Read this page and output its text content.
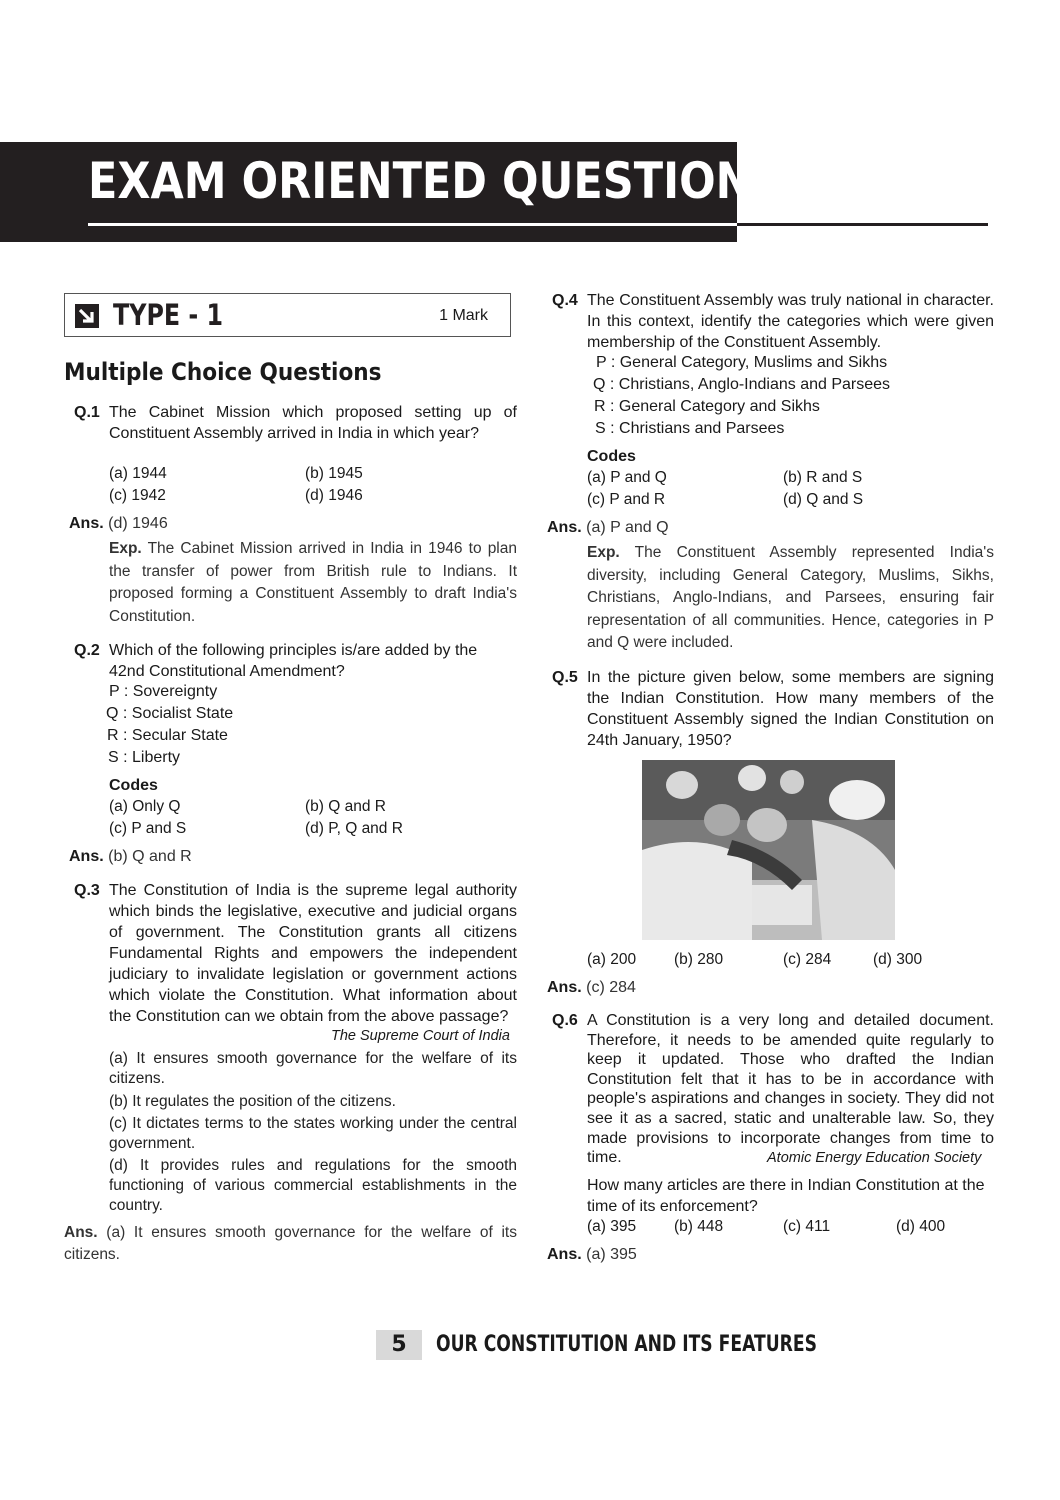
EXAM ORIENTED QUESTIONS
TYPE - 1	1 Mark
Multiple Choice Questions
Q.1 The Cabinet Mission which proposed setting up of Constituent Assembly arrived in India in which year?
(a) 1944	(b) 1945
(c) 1942	(d) 1946
Ans. (d) 1946
Exp. The Cabinet Mission arrived in India in 1946 to plan the transfer of power from British rule to Indians. It proposed forming a Constituent Assembly to draft India's Constitution.
Q.2 Which of the following principles is/are added by the 42nd Constitutional Amendment?
P : Sovereignty
Q : Socialist State
R : Secular State
S : Liberty
Codes
(a) Only Q	(b) Q and R
(c) P and S	(d) P, Q and R
Ans. (b) Q and R
Q.3 The Constitution of India is the supreme legal authority which binds the legislative, executive and judicial organs of government. The Constitution grants all citizens Fundamental Rights and empowers the independent judiciary to invalidate legislation or government actions which violate the Constitution. What information about the Constitution can we obtain from the above passage?
The Supreme Court of India
(a) It ensures smooth governance for the welfare of its citizens.
(b) It regulates the position of the citizens.
(c) It dictates terms to the states working under the central government.
(d) It provides rules and regulations for the smooth functioning of various commercial establishments in the country.
Ans. (a) It ensures smooth governance for the welfare of its citizens.
Q.4 The Constituent Assembly was truly national in character. In this context, identify the categories which were given membership of the Constituent Assembly.
P : General Category, Muslims and Sikhs
Q : Christians, Anglo-Indians and Parsees
R : General Category and Sikhs
S : Christians and Parsees
Codes
(a) P and Q	(b) R and S
(c) P and R	(d) Q and S
Ans. (a) P and Q
Exp. The Constituent Assembly represented India's diversity, including General Category, Muslims, Sikhs, Christians, Anglo-Indians, and Parsees, ensuring fair representation of all communities. Hence, categories in P and Q were included.
Q.5 In the picture given below, some members are signing the Indian Constitution. How many members of the Constituent Assembly signed the Indian Constitution on 24th January, 1950?
(a) 200 (b) 280	(c) 284	(d) 300
Ans. (c) 284
Q.6 A Constitution is a very long and detailed document. Therefore, it needs to be amended quite regularly to keep it updated. Those who drafted the Indian Constitution felt that it has to be in accordance with people's aspirations and changes in society. They did not see it as a sacred, static and unalterable law. So, they made provisions to incorporate changes from time to time.	Atomic Energy Education Society
How many articles are there in Indian Constitution at the time of its enforcement?
(a) 395 (b) 448	(c) 411	(d) 400
Ans. (a) 395
5	OUR CONSTITUTION AND ITS FEATURES
